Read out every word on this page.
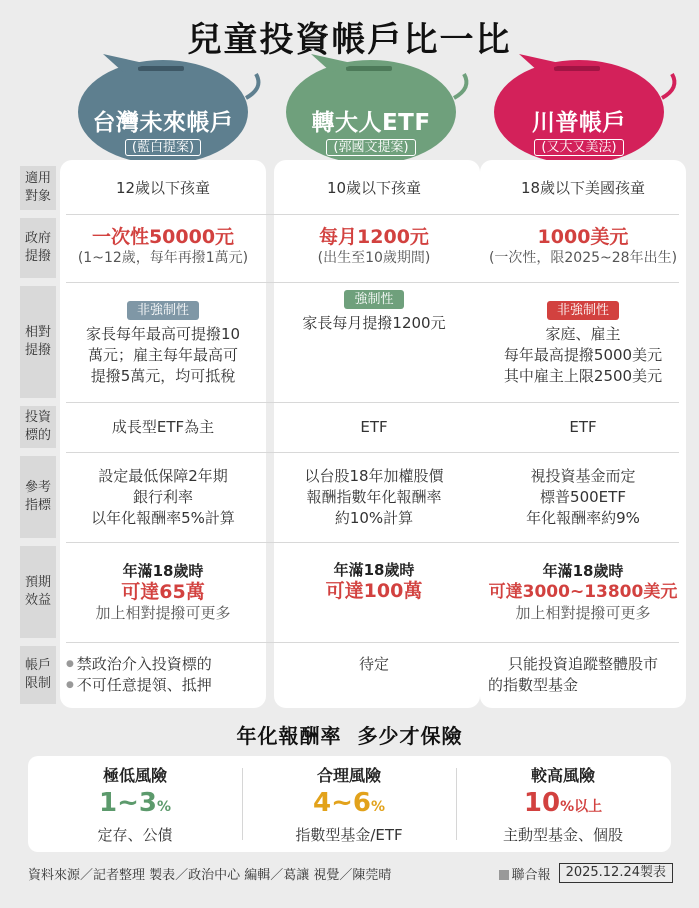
兒童投資帳戶比一比
台灣未來帳戶
(藍白提案)
轉大人ETF
(郭國文提案)
川普帳戶
(又大又美法)
適用
對象
政府
提撥
相對
提撥
投資
標的
參考
指標
預期
效益
帳戶
限制
12歲以下孩童
一次性50000元
(1~12歲，每年再撥1萬元)
非強制性
家長每年最高可提撥10
萬元；雇主每年最高可
提撥5萬元，均可抵稅
成長型ETF為主
設定最低保障2年期
銀行利率
以年化報酬率5%計算
年滿18歲時
可達65萬
加上相對提撥可更多
● 禁政治介入投資標的
● 不可任意提領、抵押
10歲以下孩童
每月1200元
(出生至10歲期間)
強制性
家長每月提撥1200元
ETF
以台股18年加權股價
報酬指數年化報酬率
約10%計算
年滿18歲時
可達100萬
待定
18歲以下美國孩童
1000美元
(一次性，限2025~28年出生)
非強制性
家庭、雇主
每年最高提撥5000美元
其中雇主上限2500美元
ETF
視投資基金而定
標普500ETF
年化報酬率約9%
年滿18歲時
可達3000~13800美元
加上相對提撥可更多
只能投資追蹤整體股市
的指數型基金
年化報酬率  多少才保險
極低風險
1~3%
定存、公債
合理風險
4~6%
指數型基金/ETF
較高風險
10%以上
主動型基金、個股
資料來源／記者整理 製表／政治中心 編輯／葛讓 視覺／陳莞晴	聯合報	2025.12.24製表
